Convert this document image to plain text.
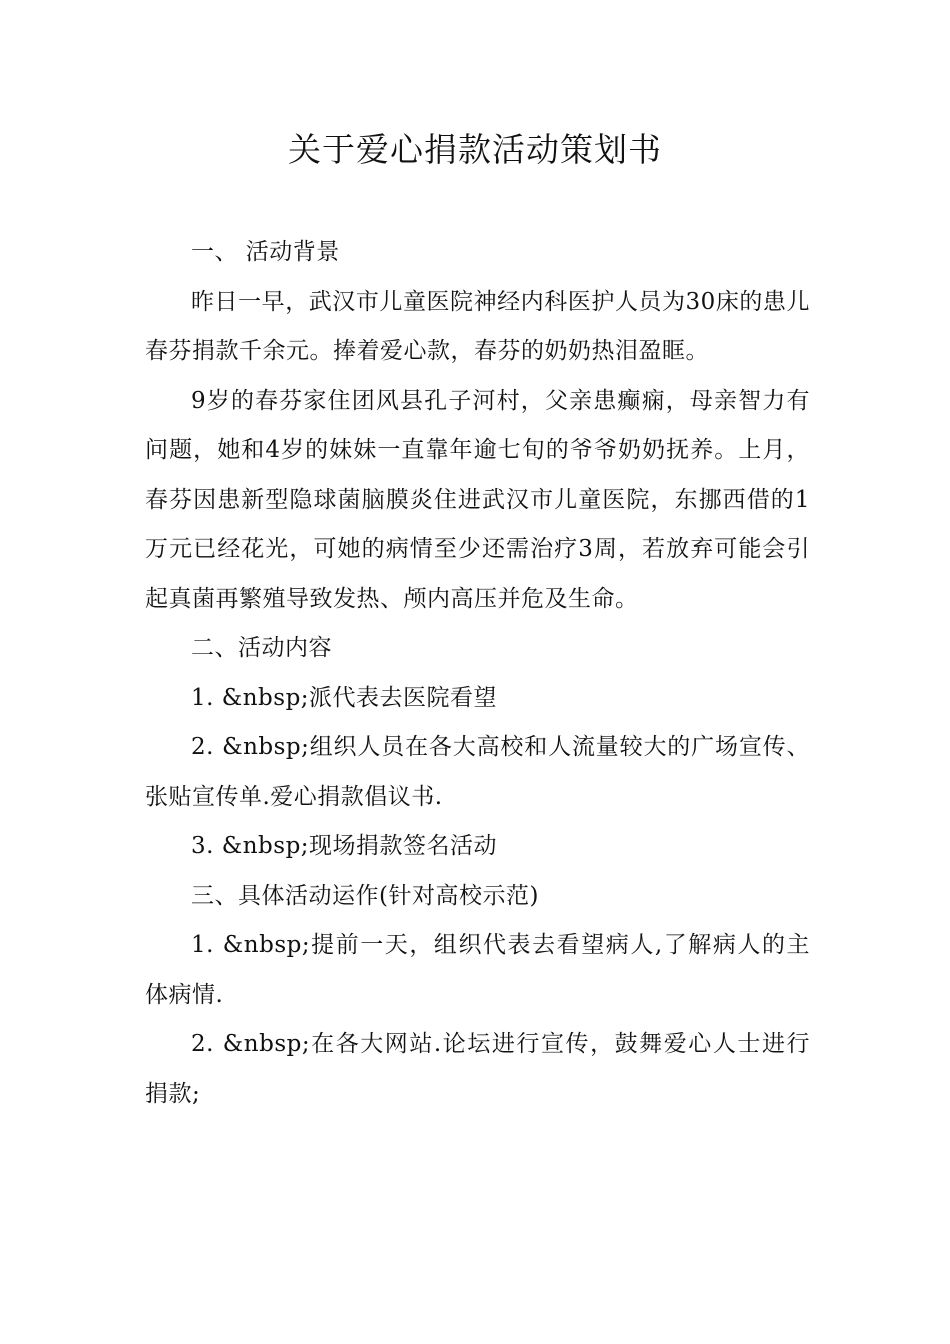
关于爱心捐款活动策划书

一、 活动背景

昨日一早，武汉市儿童医院神经内科医护人员为30床的患儿春芬捐款千余元。捧着爱心款，春芬的奶奶热泪盈眶。

9岁的春芬家住团风县孔子河村，父亲患癫痫，母亲智力有问题，她和4岁的妹妹一直靠年逾七旬的爷爷奶奶抚养。上月，春芬因患新型隐球菌脑膜炎住进武汉市儿童医院，东挪西借的1万元已经花光，可她的病情至少还需治疗3周，若放弃可能会引起真菌再繁殖导致发热、颅内高压并危及生命。

二、活动内容

1. &nbsp;派代表去医院看望

2. &nbsp;组织人员在各大高校和人流量较大的广场宣传、张贴宣传单.爱心捐款倡议书.

3. &nbsp;现场捐款签名活动

三、具体活动运作(针对高校示范)

1. &nbsp;提前一天，组织代表去看望病人,了解病人的主体病情.

2. &nbsp;在各大网站.论坛进行宣传，鼓舞爱心人士进行捐款;
